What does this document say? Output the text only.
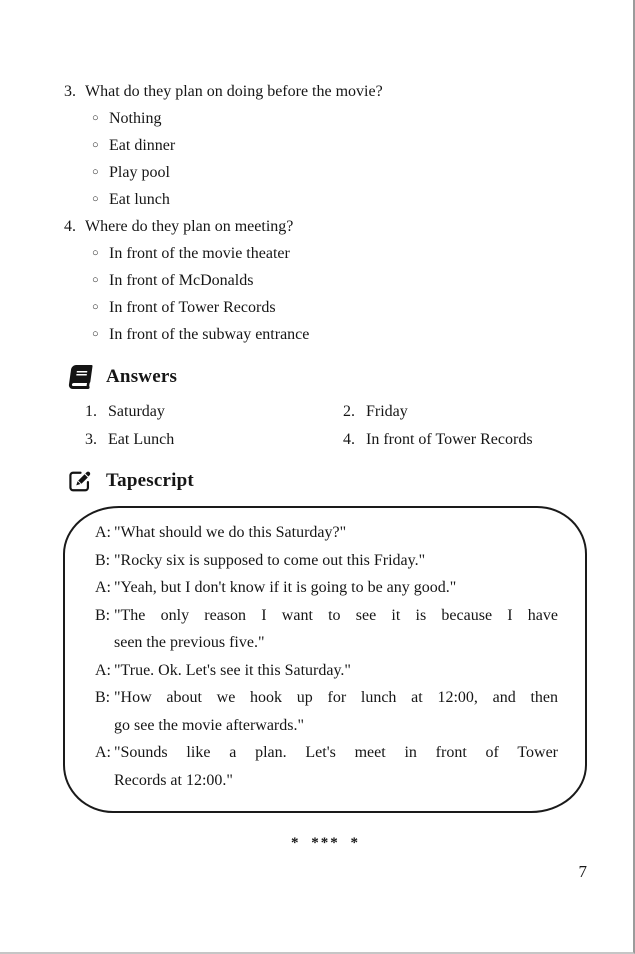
3. What do they plan on doing before the movie?
○ Nothing
○ Eat dinner
○ Play pool
○ Eat lunch
4. Where do they plan on meeting?
○ In front of the movie theater
○ In front of McDonalds
○ In front of Tower Records
○ In front of the subway entrance
Answers
1. Saturday	2. Friday
3. Eat Lunch	4. In front of Tower Records
Tapescript
A: "What should we do this Saturday?"
B: "Rocky six is supposed to come out this Friday."
A: "Yeah, but I don't know if it is going to be any good."
B: "The only reason I want to see it is because I have
seen the previous five."
A: "True. Ok. Let's see it this Saturday."
B: "How about we hook up for lunch at 12:00, and then
go see the movie afterwards."
A: "Sounds like a plan. Let's meet in front of Tower
Records at 12:00."
* *** *
7
